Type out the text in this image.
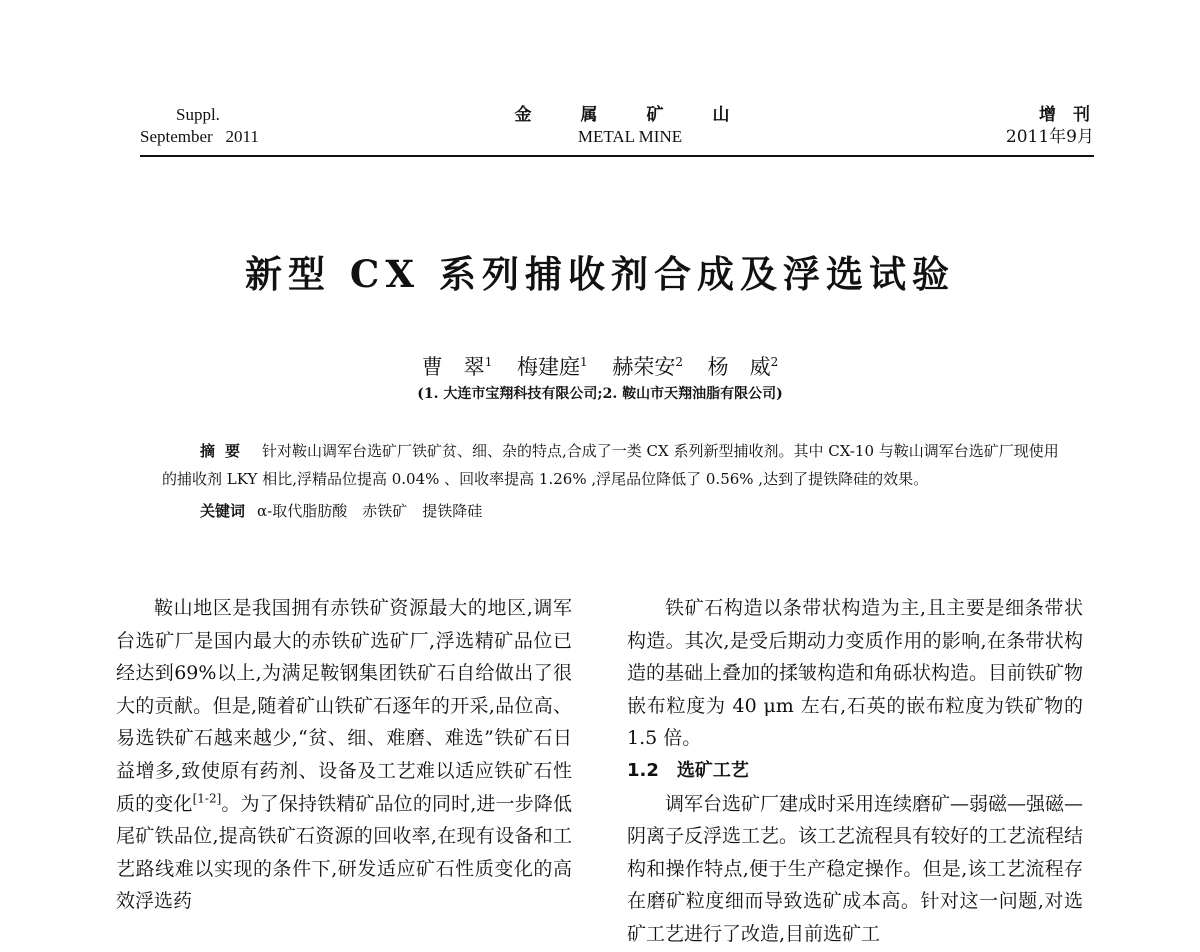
Suppl.
September   2011
金　属　矿　山
METAL MINE
增　刊
2011年9月
新型 CX 系列捕收剂合成及浮选试验
曹　翠$^1$ 梅建庭$^1$ 赫荣安$^2$ 杨　威$^2$
(1. 大连市宝翔科技有限公司;2. 鞍山市天翔油脂有限公司)
摘要 针对鞍山调军台选矿厂铁矿贫、细、杂的特点,合成了一类 CX 系列新型捕收剂。其中 CX-10 与鞍山调军台选矿厂现使用的捕收剂 LKY 相比,浮精品位提高 0.04% 、回收率提高 1.26% ,浮尾品位降低了 0.56% ,达到了提铁降硅的效果。
关键词 α-取代脂肪酸　赤铁矿　提铁降硅

鞍山地区是我国拥有赤铁矿资源最大的地区,调军台选矿厂是国内最大的赤铁矿选矿厂,浮选精矿品位已经达到69%以上,为满足鞍钢集团铁矿石自给做出了很大的贡献。但是,随着矿山铁矿石逐年的开采,品位高、易选铁矿石越来越少,“贫、细、难磨、难选”铁矿石日益增多,致使原有药剂、设备及工艺难以适应铁矿石性质的变化[1-2]。为了保持铁精矿品位的同时,进一步降低尾矿铁品位,提高铁矿石资源的回收率,在现有设备和工艺路线难以实现的条件下,研发适应矿石性质变化的高效浮选药

铁矿石构造以条带状构造为主,且主要是细条带状构造。其次,是受后期动力变质作用的影响,在条带状构造的基础上叠加的揉皱构造和角砾状构造。目前铁矿物嵌布粒度为 40 μm 左右,石英的嵌布粒度为铁矿物的 1.5 倍。

1.2 选矿工艺

调军台选矿厂建成时采用连续磨矿—弱磁—强磁—阴离子反浮选工艺。该工艺流程具有较好的工艺流程结构和操作特点,便于生产稳定操作。但是,该工艺流程存在磨矿粒度细而导致选矿成本高。针对这一问题,对选矿工艺进行了改造,目前选矿工
